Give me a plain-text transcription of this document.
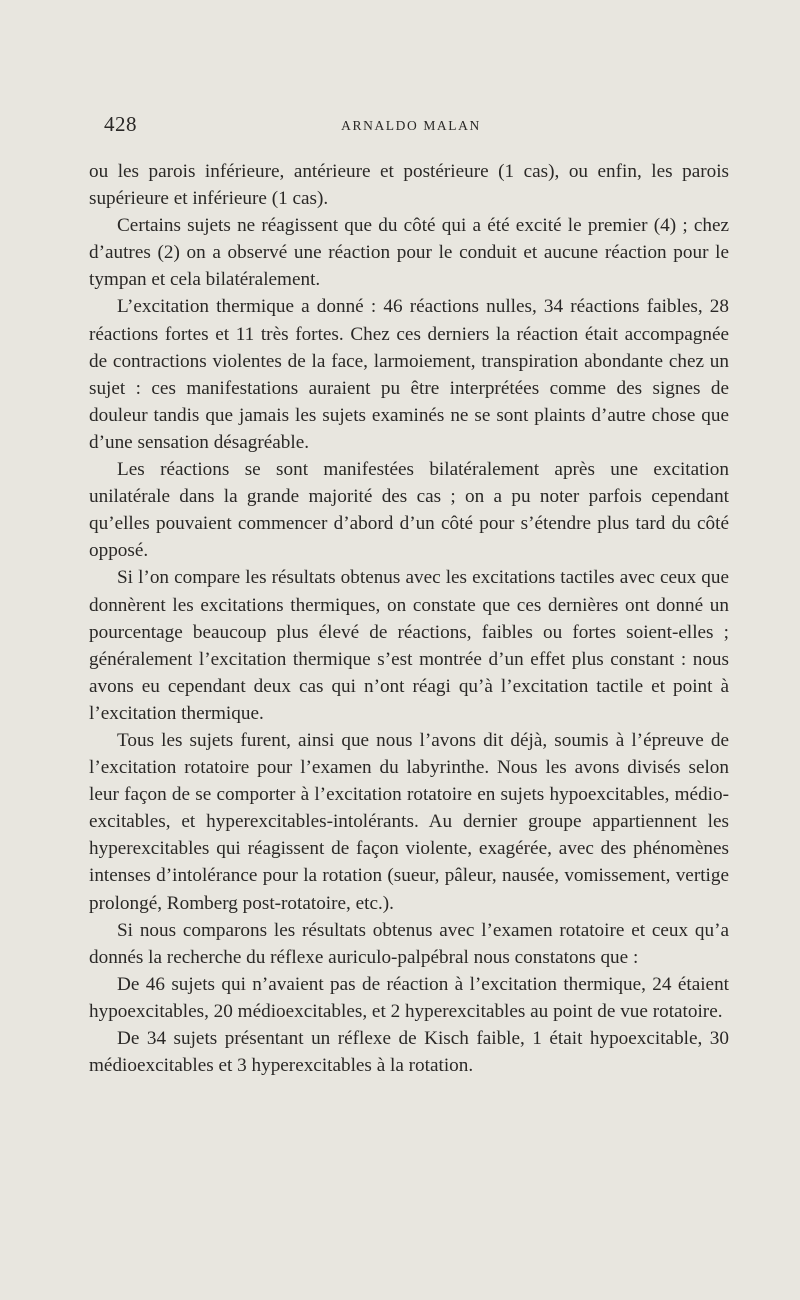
428	ARNALDO MALAN

ou les parois inférieure, antérieure et postérieure (1 cas), ou enfin, les parois supérieure et inférieure (1 cas).

Certains sujets ne réagissent que du côté qui a été excité le premier (4) ; chez d’autres (2) on a observé une réaction pour le conduit et aucune réaction pour le tympan et cela bilatéralement.

L’excitation thermique a donné : 46 réactions nulles, 34 réactions faibles, 28 réactions fortes et 11 très fortes. Chez ces derniers la réaction était accompagnée de contractions violentes de la face, larmoiement, transpiration abondante chez un sujet : ces manifestations auraient pu être interprétées comme des signes de douleur tandis que jamais les sujets examinés ne se sont plaints d’autre chose que d’une sensation désagréable.

Les réactions se sont manifestées bilatéralement après une excitation unilatérale dans la grande majorité des cas ; on a pu noter parfois cependant qu’elles pouvaient commencer d’abord d’un côté pour s’étendre plus tard du côté opposé.

Si l’on compare les résultats obtenus avec les excitations tactiles avec ceux que donnèrent les excitations thermiques, on constate que ces dernières ont donné un pourcentage beaucoup plus élevé de réactions, faibles ou fortes soient-elles ; généralement l’excitation thermique s’est montrée d’un effet plus constant : nous avons eu cependant deux cas qui n’ont réagi qu’à l’excitation tactile et point à l’excitation thermique.

Tous les sujets furent, ainsi que nous l’avons dit déjà, soumis à l’épreuve de l’excitation rotatoire pour l’examen du labyrinthe. Nous les avons divisés selon leur façon de se comporter à l’excitation rotatoire en sujets hypoexcitables, médio-excitables, et hyperexcitables-intolérants. Au dernier groupe appartiennent les hyperexcitables qui réagissent de façon violente, exagérée, avec des phénomènes intenses d’intolérance pour la rotation (sueur, pâleur, nausée, vomissement, vertige prolongé, Romberg post-rotatoire, etc.).

Si nous comparons les résultats obtenus avec l’examen rotatoire et ceux qu’a donnés la recherche du réflexe auriculo-palpébral nous constatons que :

De 46 sujets qui n’avaient pas de réaction à l’excitation thermique, 24 étaient hypoexcitables, 20 médioexcitables, et 2 hyperexcitables au point de vue rotatoire.

De 34 sujets présentant un réflexe de Kisch faible, 1 était hypoexcitable, 30 médioexcitables et 3 hyperexcitables à la rotation.
